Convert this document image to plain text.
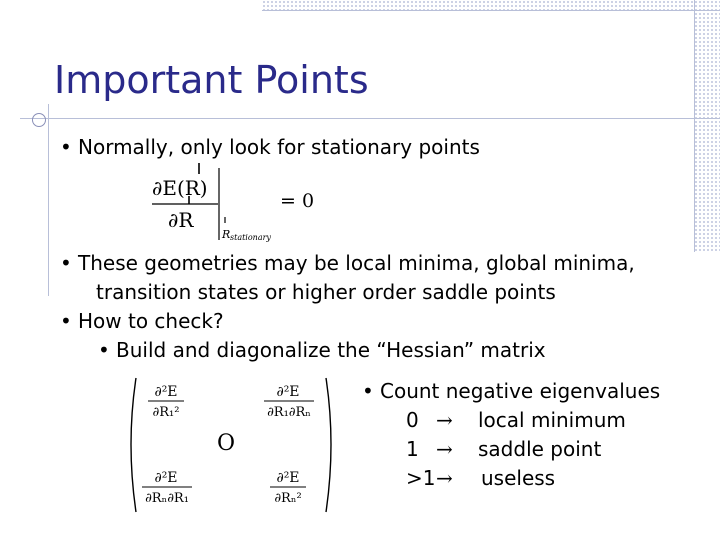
Important Points
• Normally, only look for stationary points
∂E(R)
∂R
R stationary
= 0
• These geometries may be local minima, global minima,
transition states or higher order saddle points
• How to check?
• Build and diagonalize the “Hessian” matrix
∂²E
∂R₁²
∂²E
∂R₁∂Rₙ
∂²E
∂Rₙ∂R₁
∂²E
∂Rₙ²
O
• Count negative eigenvalues
0 → local minimum
1 → saddle point
>1→ useless
